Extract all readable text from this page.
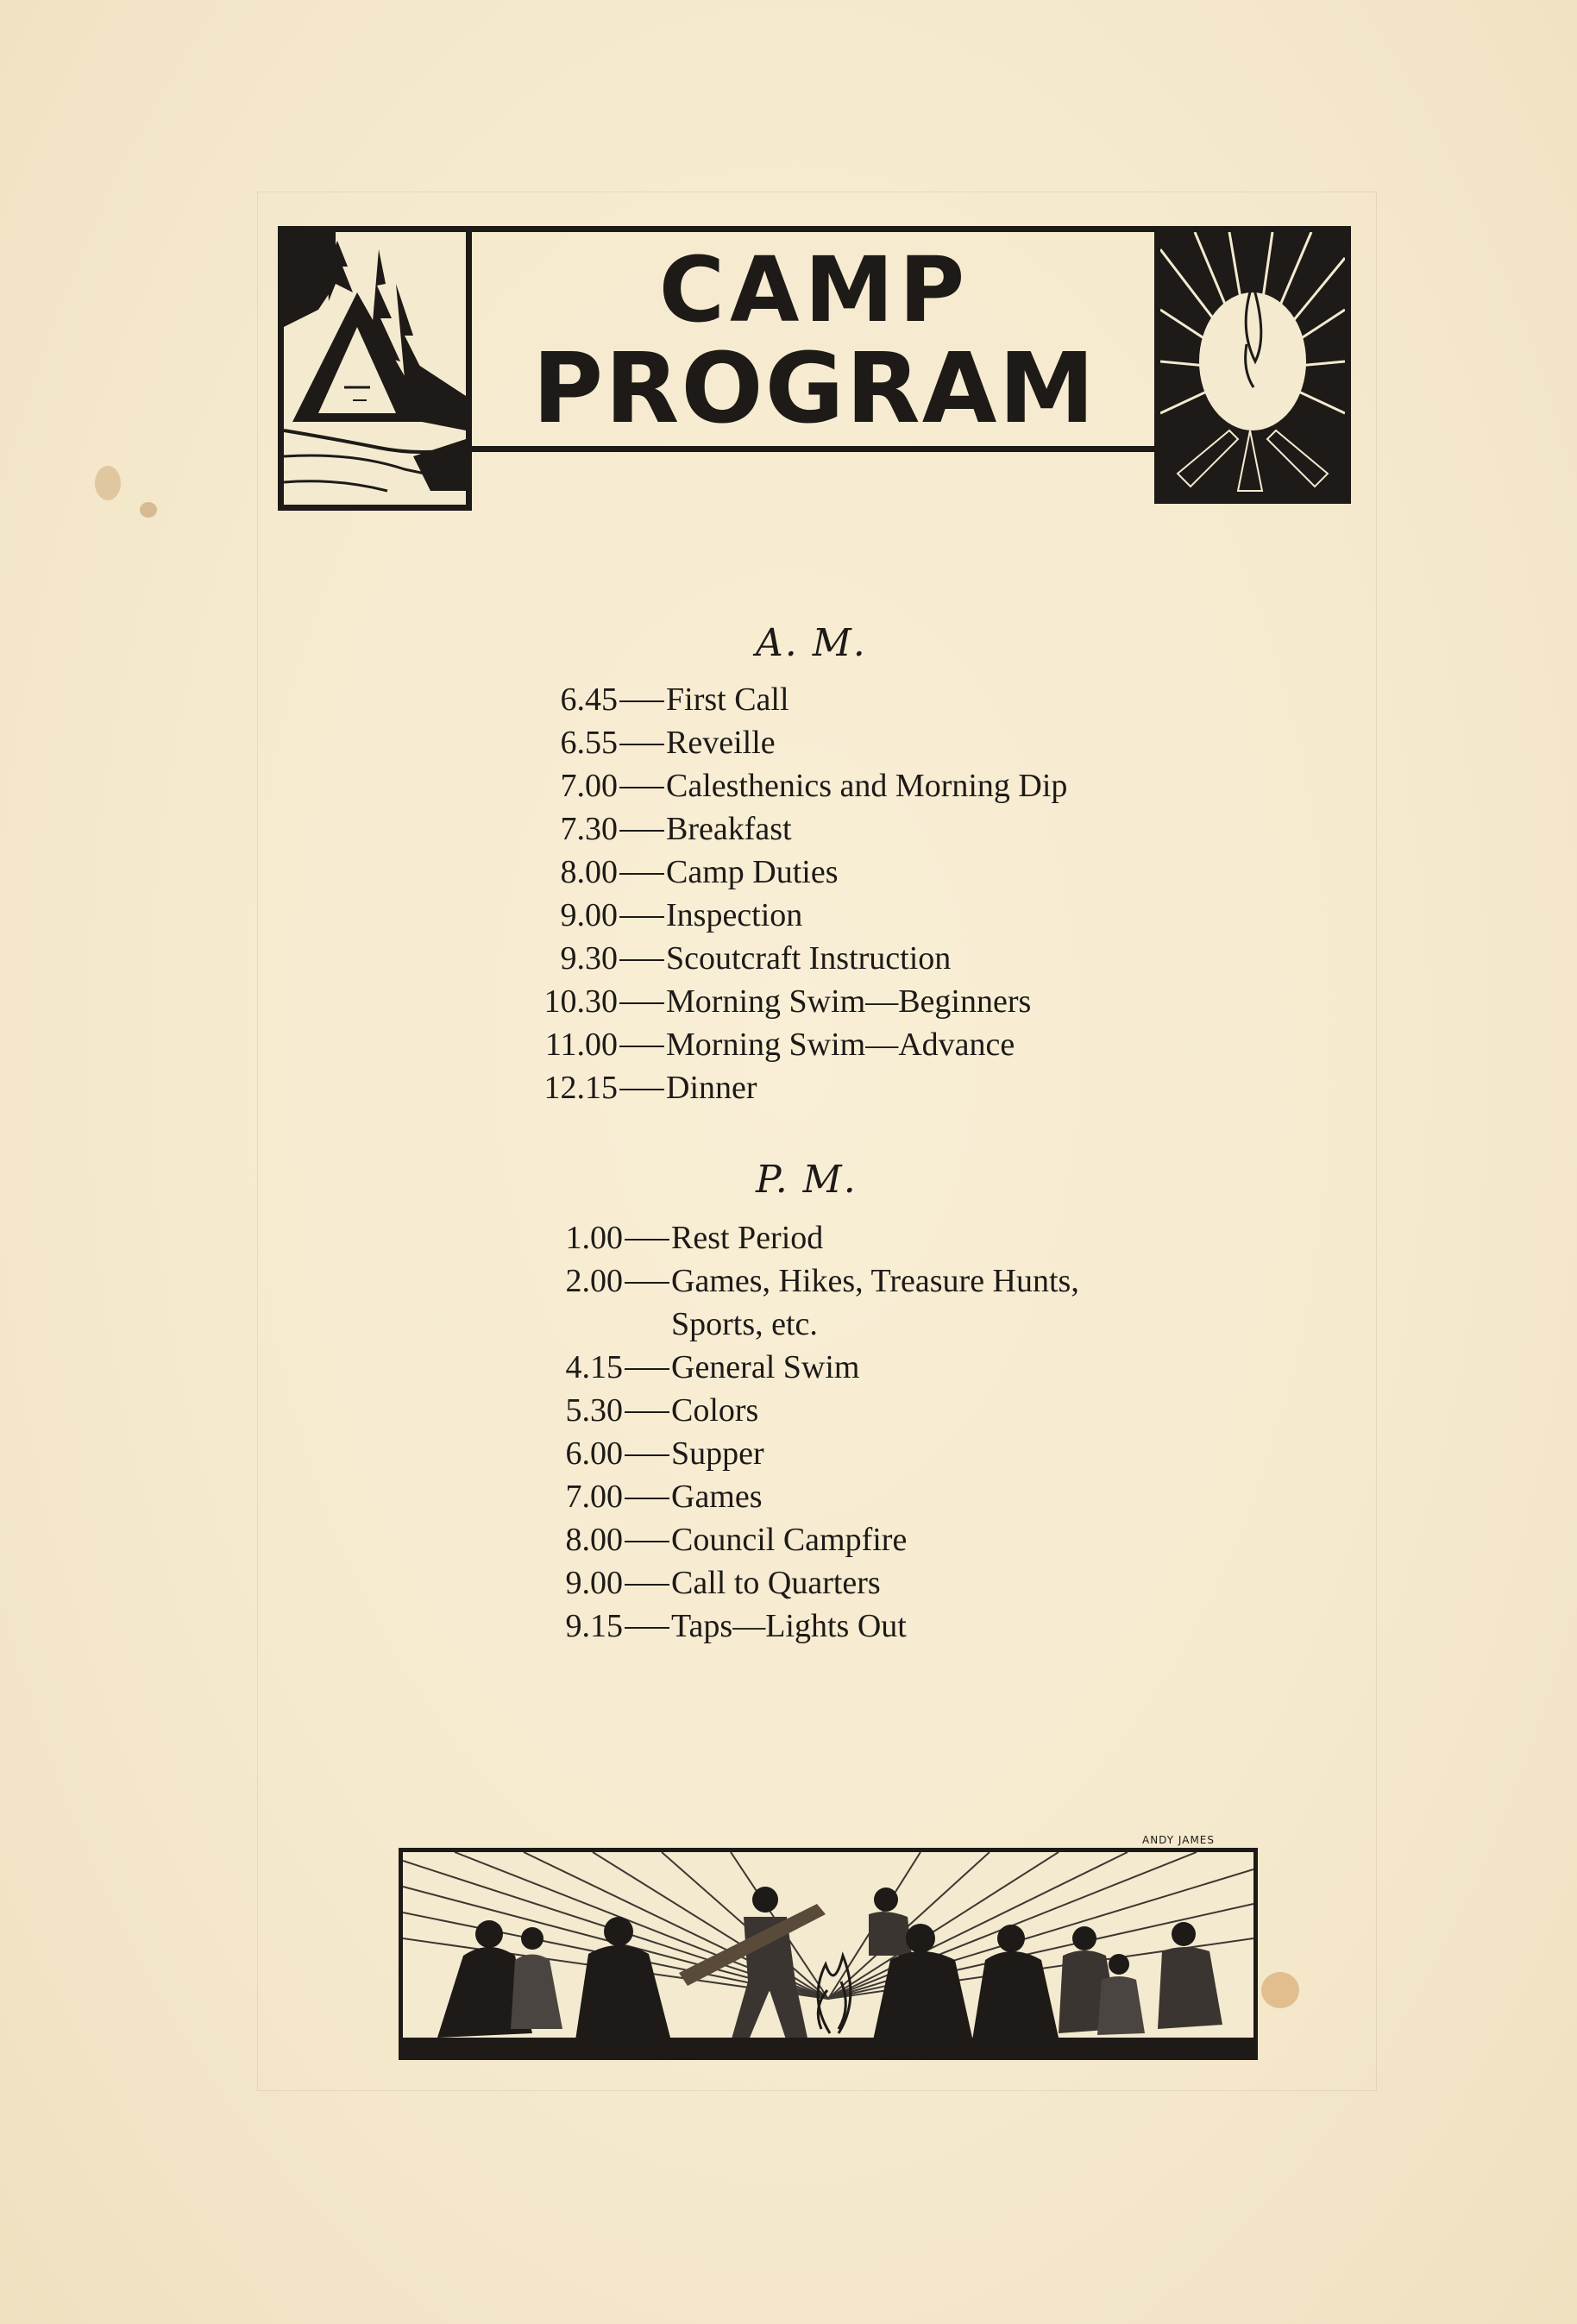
CAMP
PROGRAM
A. M.
6.45 First Call
6.55 Reveille
7.00 Calesthenics and Morning Dip
7.30 Breakfast
8.00 Camp Duties
9.00 Inspection
9.30 Scoutcraft Instruction
10.30 Morning Swim—Beginners
11.00 Morning Swim—Advance
12.15 Dinner
P. M.
1.00 Rest Period
2.00 Games, Hikes, Treasure Hunts,
Sports, etc.
4.15 General Swim
5.30 Colors
6.00 Supper
7.00 Games
8.00 Council Campfire
9.00 Call to Quarters
9.15 Taps—Lights Out
ANDY JAMES
